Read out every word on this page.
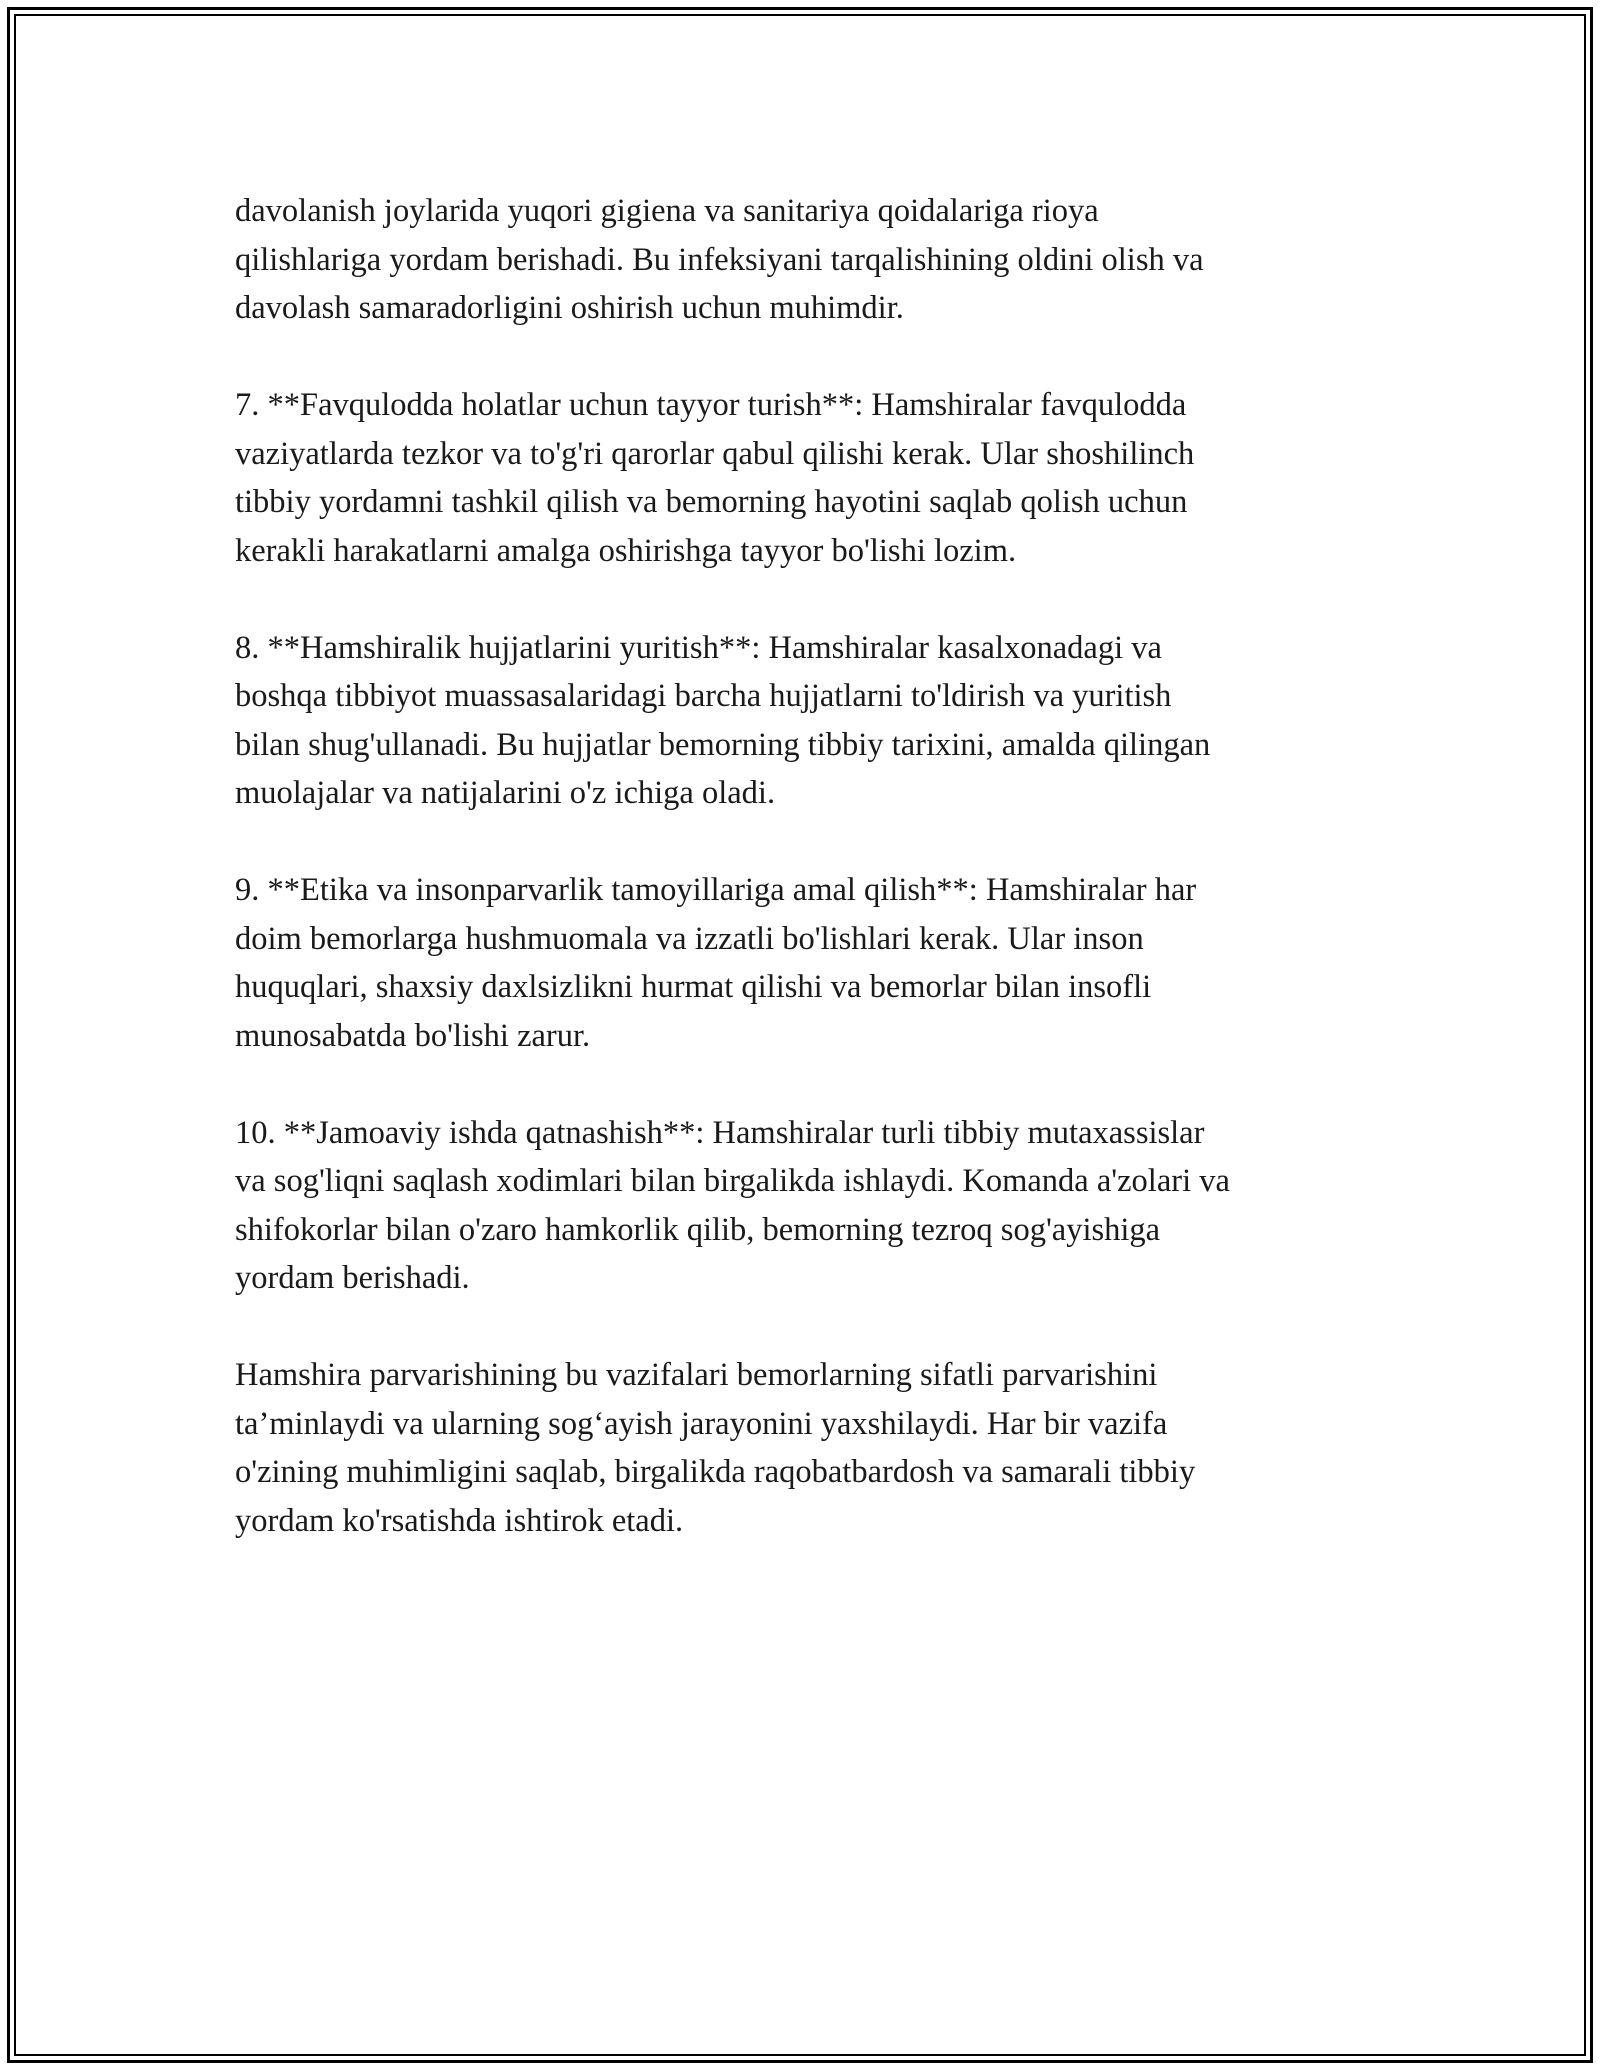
davolanish joylarida yuqori gigiena va sanitariya qoidalariga rioya
qilishlariga yordam berishadi. Bu infeksiyani tarqalishining oldini olish va
davolash samaradorligini oshirish uchun muhimdir.

7. **Favqulodda holatlar uchun tayyor turish**: Hamshiralar favqulodda
vaziyatlarda tezkor va to'g'ri qarorlar qabul qilishi kerak. Ular shoshilinch
tibbiy yordamni tashkil qilish va bemorning hayotini saqlab qolish uchun
kerakli harakatlarni amalga oshirishga tayyor bo'lishi lozim.

8. **Hamshiralik hujjatlarini yuritish**: Hamshiralar kasalxonadagi va
boshqa tibbiyot muassasalaridagi barcha hujjatlarni to'ldirish va yuritish
bilan shug'ullanadi. Bu hujjatlar bemorning tibbiy tarixini, amalda qilingan
muolajalar va natijalarini o'z ichiga oladi.

9. **Etika va insonparvarlik tamoyillariga amal qilish**: Hamshiralar har
doim bemorlarga hushmuomala va izzatli bo'lishlari kerak. Ular inson
huquqlari, shaxsiy daxlsizlikni hurmat qilishi va bemorlar bilan insofli
munosabatda bo'lishi zarur.

10. **Jamoaviy ishda qatnashish**: Hamshiralar turli tibbiy mutaxassislar
va sog'liqni saqlash xodimlari bilan birgalikda ishlaydi. Komanda a'zolari va
shifokorlar bilan o'zaro hamkorlik qilib, bemorning tezroq sog'ayishiga
yordam berishadi.

Hamshira parvarishining bu vazifalari bemorlarning sifatli parvarishini
ta’minlaydi va ularning sog‘ayish jarayonini yaxshilaydi. Har bir vazifa
o'zining muhimligini saqlab, birgalikda raqobatbardosh va samarali tibbiy
yordam ko'rsatishda ishtirok etadi.
